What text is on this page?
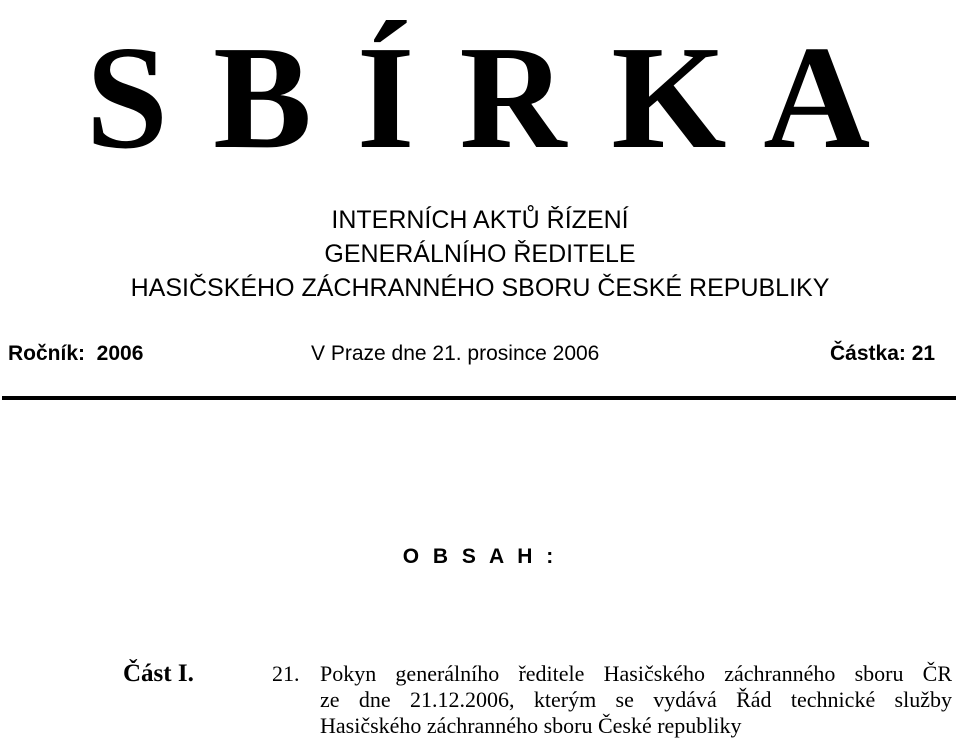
S B Í R K A
INTERNÍCH AKTŮ ŘÍZENÍ
GENERÁLNÍHO ŘEDITELE
HASIČSKÉHO ZÁCHRANNÉHO SBORU ČESKÉ REPUBLIKY
Ročník:  2006	V Praze dne 21. prosince 2006	Částka: 21
O B S A H :
Část I.	21. Pokyn generálního ředitele Hasičského záchranného sboru ČR
ze dne 21.12.2006, kterým se vydává Řád technické služby
Hasičského záchranného sboru České republiky
